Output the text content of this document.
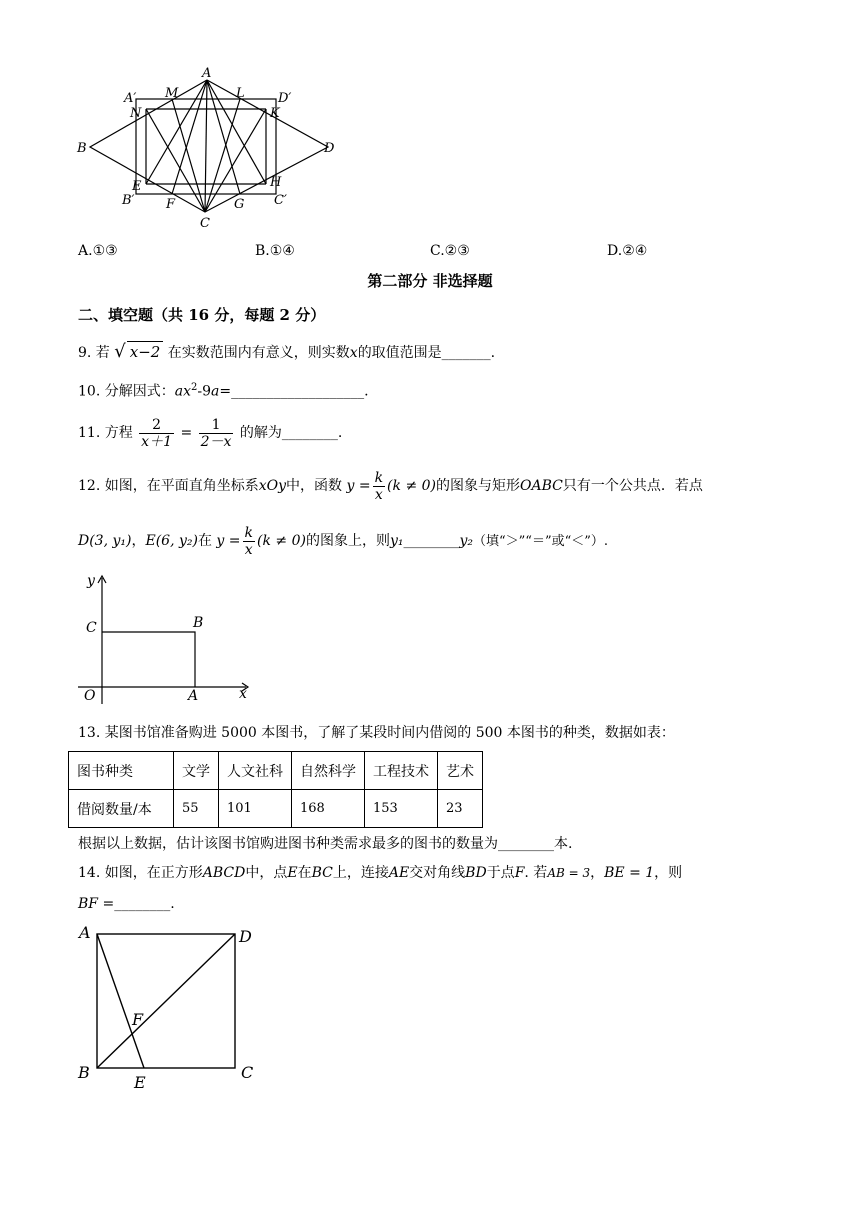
A
A′ M	L	D′
N	K
B	D
E	H
B′ F	G C′
C
A.①③	B.①④	C.②③	D.②④
第二部分 非选择题
二、填空题（共 16 分，每题 2 分）
9. 若 √ x−2 在实数范围内有意义，则实数x的取值范围是_______.
10. 分解因式：$ax^2-9a=\_\_\_\_\_\_\_\_\_\_\_\_\_\_\_\_\_\_\_$.
11. 方程 $\frac{2}{x+1} = \frac{1}{2-x}$ 的解为________.
12. 如图，在平面直角坐标系xOy中，函数 $y = \frac{k}{x} (k \ne 0)$的图象与矩形OABC只有一个公共点．若点
D(3, y₁)，E(6, y₂)在 $y = \frac{k}{x} (k \ne 0)$的图象上，则y₁________y₂（填“＞”“＝”或“＜”）.
y
C	B
O	A	x
13. 某图书馆准备购进 5000 本图书，了解了某段时间内借阅的 500 本图书的种类，数据如表：
图书种类	文学	人文社科	自然科学	工程技术	艺术
借阅数量/本	55	101	168	153	23
根据以上数据，估计该图书馆购进图书种类需求最多的图书的数量为________本.
14. 如图，在正方形ABCD中，点E在BC上，连接AE交对角线BD于点F. 若AB = 3，BE = 1，则
BF =________.
A	D
F
B
E
C
